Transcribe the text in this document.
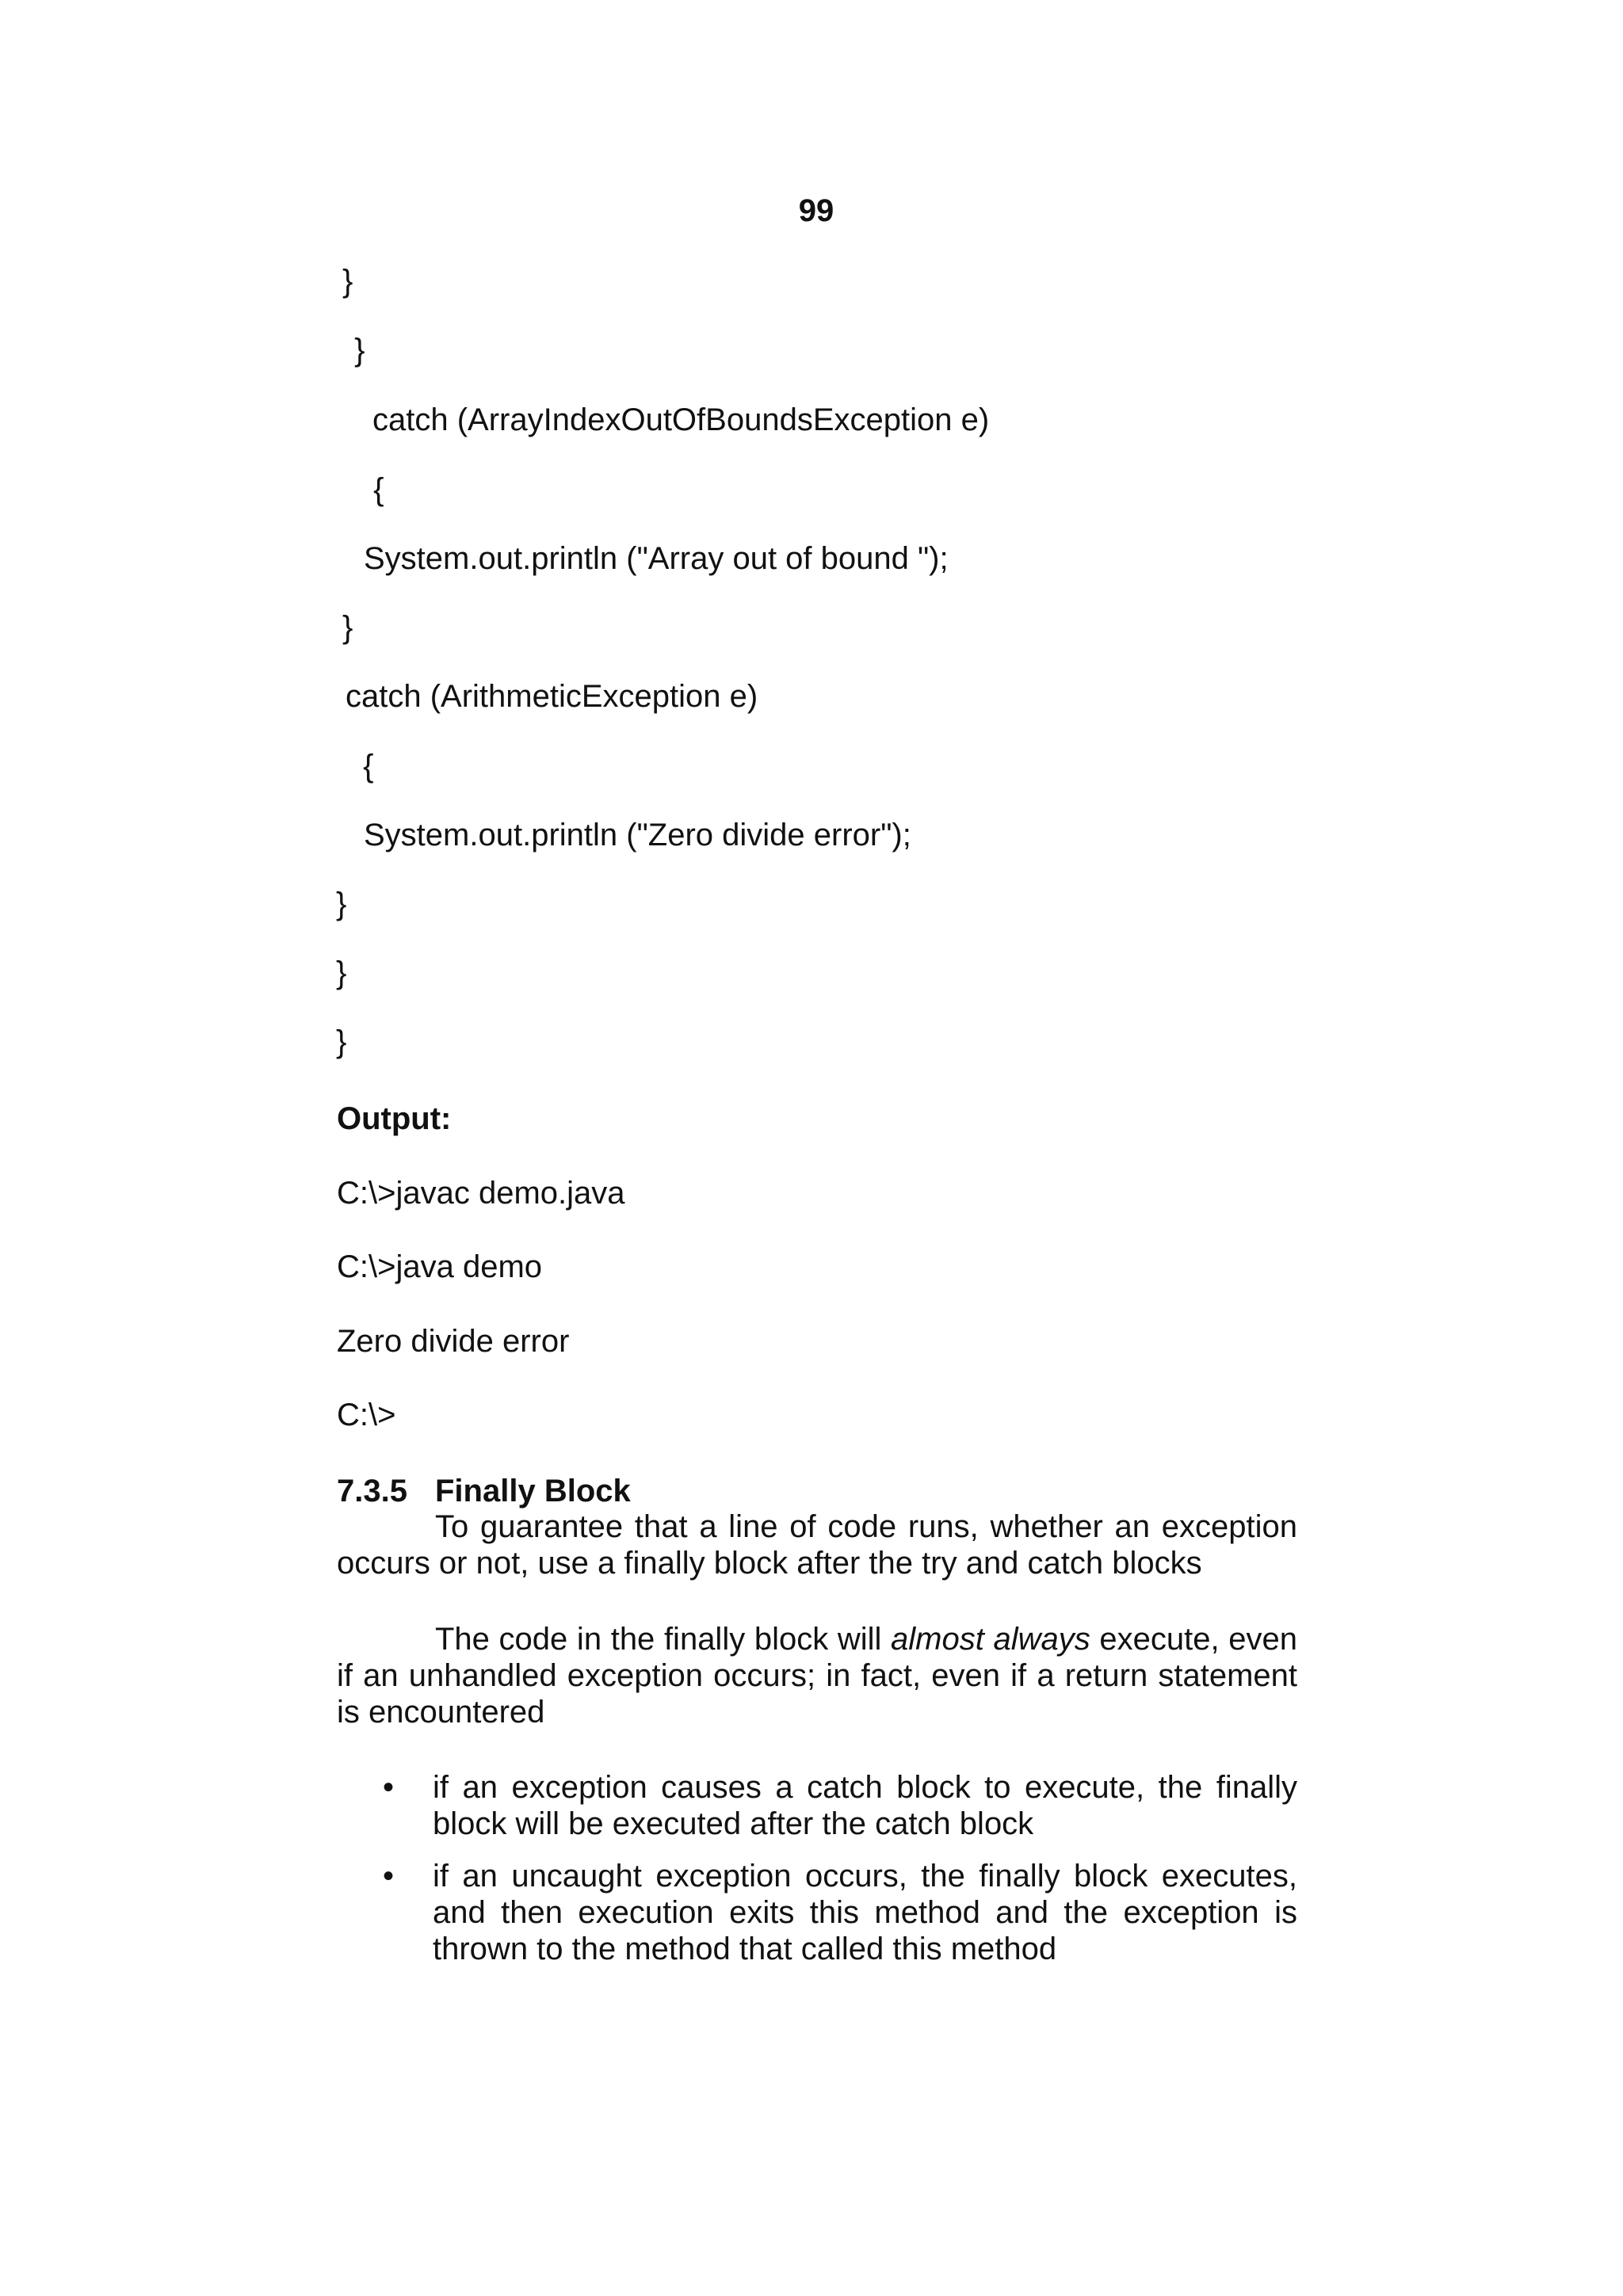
99
}
}
catch (ArrayIndexOutOfBoundsException e)
{
System.out.println ("Array out of bound ");
}
catch (ArithmeticException e)
{
System.out.println ("Zero divide error");
}
}
}
Output:
C:\>javac demo.java
C:\>java demo
Zero divide error
C:\>
7.3.5 Finally Block

To guarantee that a line of code runs, whether an exception occurs or not, use a finally block after the try and catch blocks

The code in the finally block will almost always execute, even if an unhandled exception occurs; in fact, even if a return statement is encountered

• if an exception causes a catch block to execute, the finally block will be executed after the catch block
• if an uncaught exception occurs, the finally block executes, and then execution exits this method and the exception is thrown to the method that called this method
